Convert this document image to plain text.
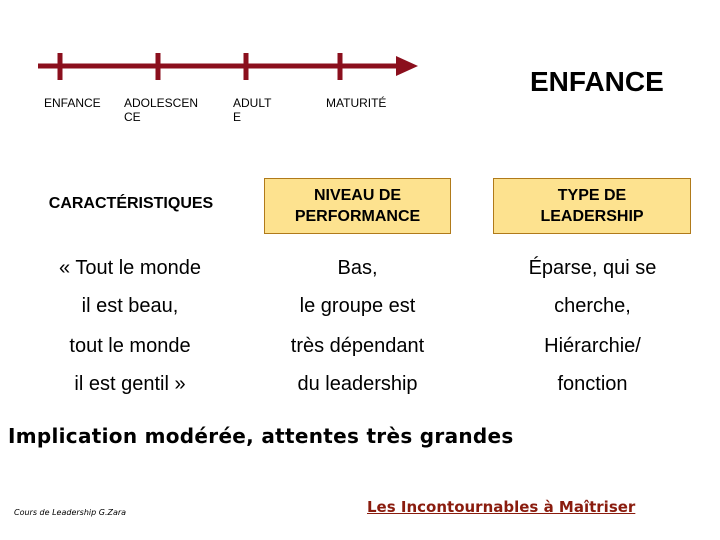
ENFANCE ADOLESCEN CE
ADULT E
MATURITÉ
ENFANCE
CARACTÉRISTIQUES	NIVEAU DE PERFORMANCE
TYPE DE LEADERSHIP
« Tout le monde
il est beau,
tout le monde
il est gentil »
Bas,
le groupe est
très dépendant
du leadership
Éparse, qui se
cherche,
Hiérarchie/
fonction
Implication modérée, attentes très grandes
Cours de Leadership G.Zara	Les Incontournables à Maîtriser
